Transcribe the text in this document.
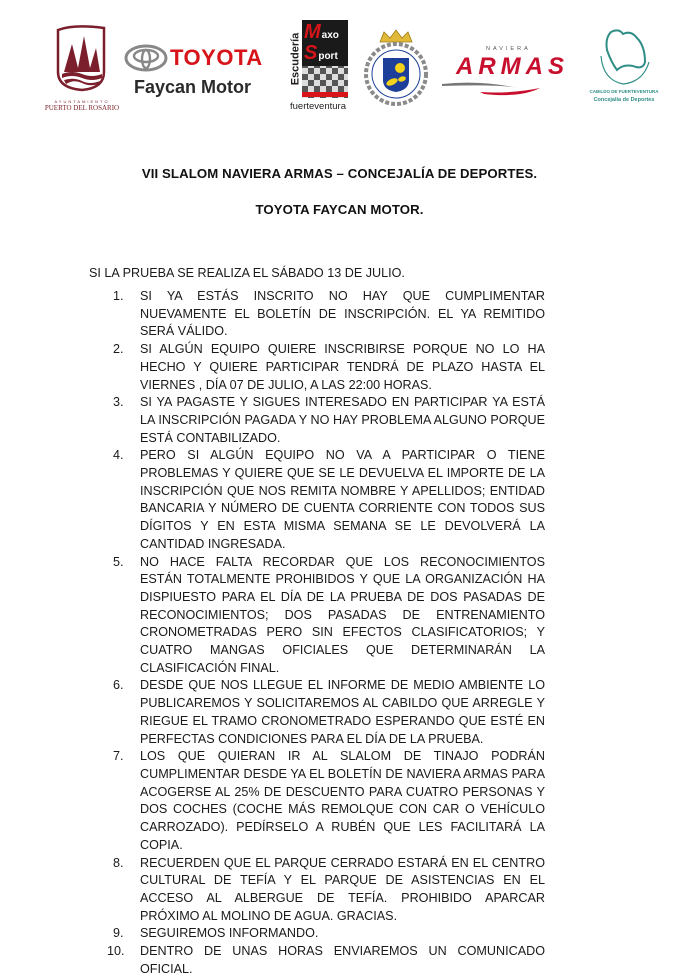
AYUNTAMIENTO
PUERTO DEL ROSARIO
TOYOTA
Faycan Motor
Escudería
M axo
S port
fuerteventura
NAVIERA
ARMAS
CABILDO DE FUERTEVENTURA
Concejalía de Deportes
VII SLALOM NAVIERA ARMAS – CONCEJALÍA DE DEPORTES.
TOYOTA FAYCAN MOTOR.
SI LA PRUEBA SE REALIZA EL SÁBADO 13 DE JULIO.
1. SI YA ESTÁS INSCRITO NO HAY QUE CUMPLIMENTAR NUEVAMENTE EL BOLETÍN DE INSCRIPCIÓN. EL YA REMITIDO SERÁ VÁLIDO.
2. SI ALGÚN EQUIPO QUIERE INSCRIBIRSE PORQUE NO LO HA HECHO Y QUIERE PARTICIPAR TENDRÁ DE PLAZO HASTA EL VIERNES , DÍA 07 DE JULIO, A LAS 22:00 HORAS.
3. SI YA PAGASTE Y SIGUES INTERESADO EN PARTICIPAR YA ESTÁ LA INSCRIPCIÓN PAGADA Y NO HAY PROBLEMA ALGUNO PORQUE ESTÁ CONTABILIZADO.
4. PERO SI ALGÚN EQUIPO NO VA A PARTICIPAR O TIENE PROBLEMAS Y QUIERE QUE SE LE DEVUELVA EL IMPORTE DE LA INSCRIPCIÓN QUE NOS REMITA NOMBRE Y APELLIDOS; ENTIDAD BANCARIA Y NÚMERO DE CUENTA CORRIENTE CON TODOS SUS DÍGITOS Y EN ESTA MISMA SEMANA SE LE DEVOLVERÁ LA CANTIDAD INGRESADA.
5. NO HACE FALTA RECORDAR QUE LOS RECONOCIMIENTOS ESTÁN TOTALMENTE PROHIBIDOS Y QUE LA ORGANIZACIÓN HA DISPIUESTO PARA EL DÍA DE LA PRUEBA DE DOS PASADAS DE RECONOCIMIENTOS; DOS PASADAS DE ENTRENAMIENTO CRONOMETRADAS PERO SIN EFECTOS CLASIFICATORIOS; Y CUATRO MANGAS OFICIALES QUE DETERMINARÁN LA CLASIFICACIÓN FINAL.
6. DESDE QUE NOS LLEGUE EL INFORME DE MEDIO AMBIENTE LO PUBLICAREMOS Y SOLICITAREMOS AL CABILDO QUE ARREGLE Y RIEGUE EL TRAMO CRONOMETRADO ESPERANDO QUE ESTÉ EN PERFECTAS CONDICIONES PARA EL DÍA DE LA PRUEBA.
7. LOS QUE QUIERAN IR AL SLALOM DE TINAJO PODRÁN CUMPLIMENTAR DESDE YA EL BOLETÍN DE NAVIERA ARMAS PARA ACOGERSE AL 25% DE DESCUENTO PARA CUATRO PERSONAS Y DOS COCHES (COCHE MÁS REMOLQUE CON CAR O VEHÍCULO CARROZADO). PEDÍRSELO A RUBÉN QUE LES FACILITARÁ LA COPIA.
8. RECUERDEN QUE EL PARQUE CERRADO ESTARÁ EN EL CENTRO CULTURAL DE TEFÍA Y EL PARQUE DE ASISTENCIAS EN EL ACCESO AL ALBERGUE DE TEFÍA. PROHIBIDO APARCAR PRÓXIMO AL MOLINO DE AGUA. GRACIAS.
9. SEGUIREMOS INFORMANDO.
10. DENTRO DE UNAS HORAS ENVIAREMOS UN COMUNICADO OFICIAL.
